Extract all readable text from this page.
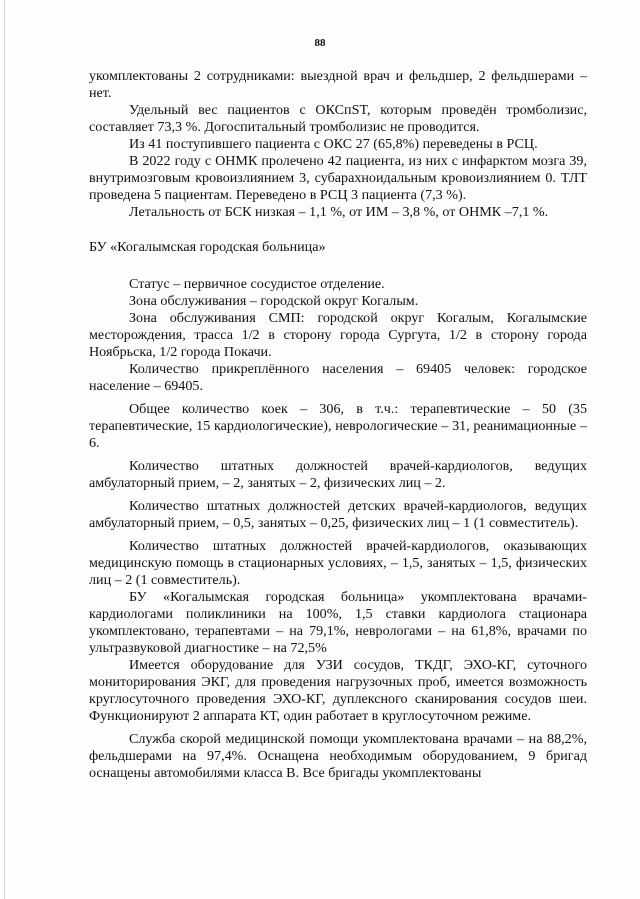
88

укомплектованы 2 сотрудниками: выездной врач и фельдшер, 2 фельдшерами – нет.

Удельный вес пациентов с ОКСпST, которым проведён тромболизис, составляет 73,3 %. Догоспитальный тромболизис не проводится.

Из 41 поступившего пациента с ОКС 27 (65,8%) переведены в РСЦ.

В 2022 году с ОНМК пролечено 42 пациента, из них с инфарктом мозга 39, внутримозговым кровоизлиянием 3, субарахноидальным кровоизлиянием 0. ТЛТ проведена 5 пациентам. Переведено в РСЦ 3 пациента (7,3 %).

Летальность от БСК низкая – 1,1 %, от ИМ – 3,8 %, от ОНМК –7,1 %.

БУ «Когалымская городская больница»

Статус – первичное сосудистое отделение.

Зона обслуживания – городской округ Когалым.

Зона обслуживания СМП: городской округ Когалым, Когалымские месторождения, трасса 1/2 в сторону города Сургута, 1/2 в сторону города Ноябрьска, 1/2 города Покачи.

Количество прикреплённого населения – 69405 человек: городское население – 69405.

Общее количество коек – 306, в т.ч.: терапевтические – 50 (35 терапевтические, 15 кардиологические), неврологические – 31, реанимационные – 6.

Количество штатных должностей врачей-кардиологов, ведущих амбулаторный прием, – 2, занятых – 2, физических лиц – 2.

Количество штатных должностей детских врачей-кардиологов, ведущих амбулаторный прием, – 0,5, занятых – 0,25, физических лиц – 1 (1 совместитель).

Количество штатных должностей врачей-кардиологов, оказывающих медицинскую помощь в стационарных условиях, – 1,5, занятых – 1,5, физических лиц – 2 (1 совместитель).

БУ «Когалымская городская больница» укомплектована врачами-кардиологами поликлиники на 100%, 1,5 ставки кардиолога стационара укомплектовано, терапевтами – на 79,1%, неврологами – на 61,8%, врачами по ультразвуковой диагностике – на 72,5%

Имеется оборудование для УЗИ сосудов, ТКДГ, ЭХО-КГ, суточного мониторирования ЭКГ, для проведения нагрузочных проб, имеется возможность круглосуточного проведения ЭХО-КГ, дуплексного сканирования сосудов шеи. Функционируют 2 аппарата КТ, один работает в круглосуточном режиме.

Служба скорой медицинской помощи укомплектована врачами – на 88,2%, фельдшерами на 97,4%. Оснащена необходимым оборудованием, 9 бригад оснащены автомобилями класса В. Все бригады укомплектованы
